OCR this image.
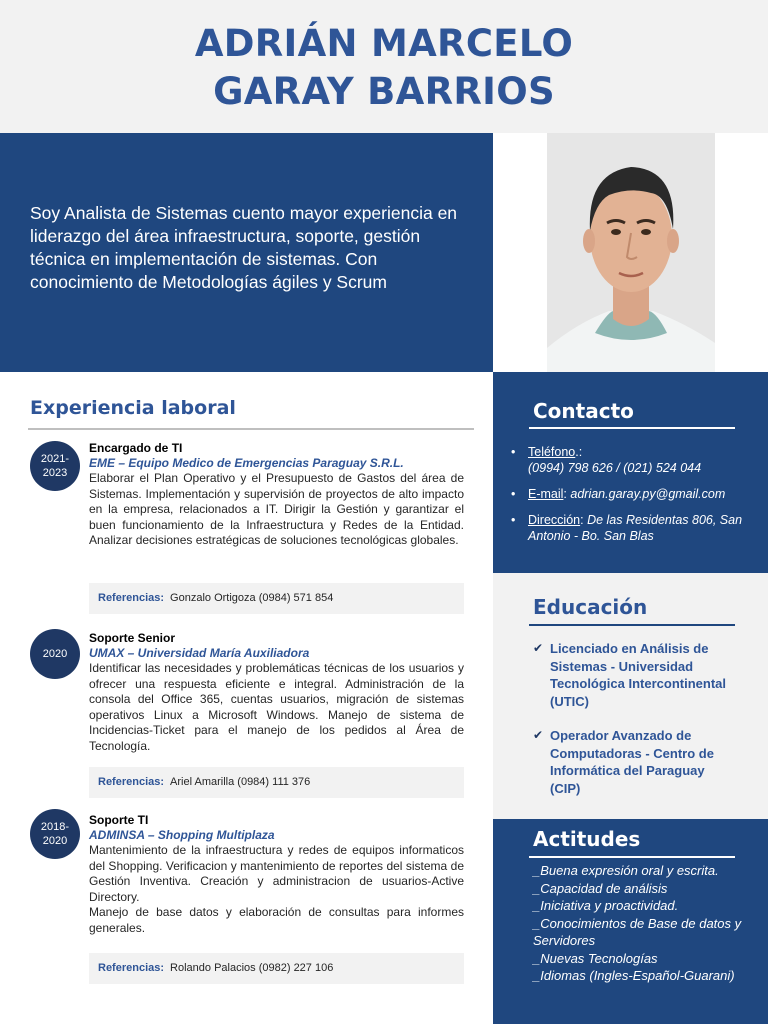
ADRIÁN MARCELO
GARAY BARRIOS

Soy Analista de Sistemas cuento mayor experiencia en liderazgo del área infraestructura, soporte, gestión técnica en implementación de sistemas. Con conocimiento de Metodologías ágiles y Scrum

Experiencia laboral
2021-
2023
Encargado de TI
EME – Equipo Medico de Emergencias Paraguay S.R.L.
Elaborar el Plan Operativo y el Presupuesto de Gastos del área de Sistemas. Implementación y supervisión de proyectos de alto impacto en la empresa, relacionados a IT. Dirigir la Gestión y garantizar el buen funcionamiento de la Infraestructura y Redes de la Entidad. Analizar decisiones estratégicas de soluciones tecnológicas globales.
Referencias: Gonzalo Ortigoza (0984) 571 854
2020
Soporte Senior
UMAX – Universidad María Auxiliadora
Identificar las necesidades y problemáticas técnicas de los usuarios y ofrecer una respuesta eficiente e integral. Administración de la consola del Office 365, cuentas usuarios, migración de sistemas operativos Linux a Microsoft Windows. Manejo de sistema de Incidencias-Ticket para el manejo de los pedidos al Área de Tecnología.
Referencias: Ariel Amarilla (0984) 111 376
2018-
2020
Soporte TI
ADMINSA – Shopping Multiplaza
Mantenimiento de la infraestructura y redes de equipos informaticos del Shopping. Verificacion y mantenimiento de reportes del sistema de Gestión Inventiva. Creación y administracion de usuarios-Active Directory.
Manejo de base datos y elaboración de consultas para informes generales.
Referencias: Rolando Palacios (0982) 227 106
Contacto
• Teléfono.:
(0994) 798 626 / (021) 524 044
• E-mail: adrian.garay.py@gmail.com
• Dirección: De las Residentas 806, San Antonio - Bo. San Blas
Educación
✔ Licenciado en Análisis de Sistemas - Universidad Tecnológica Intercontinental (UTIC)
✔ Operador Avanzado de Computadoras - Centro de Informática del Paraguay (CIP)
Actitudes
_Buena expresión oral y escrita.
_Capacidad de análisis
_Iniciativa y proactividad.
_Conocimientos de Base de datos y Servidores
_Nuevas Tecnologías
_Idiomas (Ingles-Español-Guarani)
